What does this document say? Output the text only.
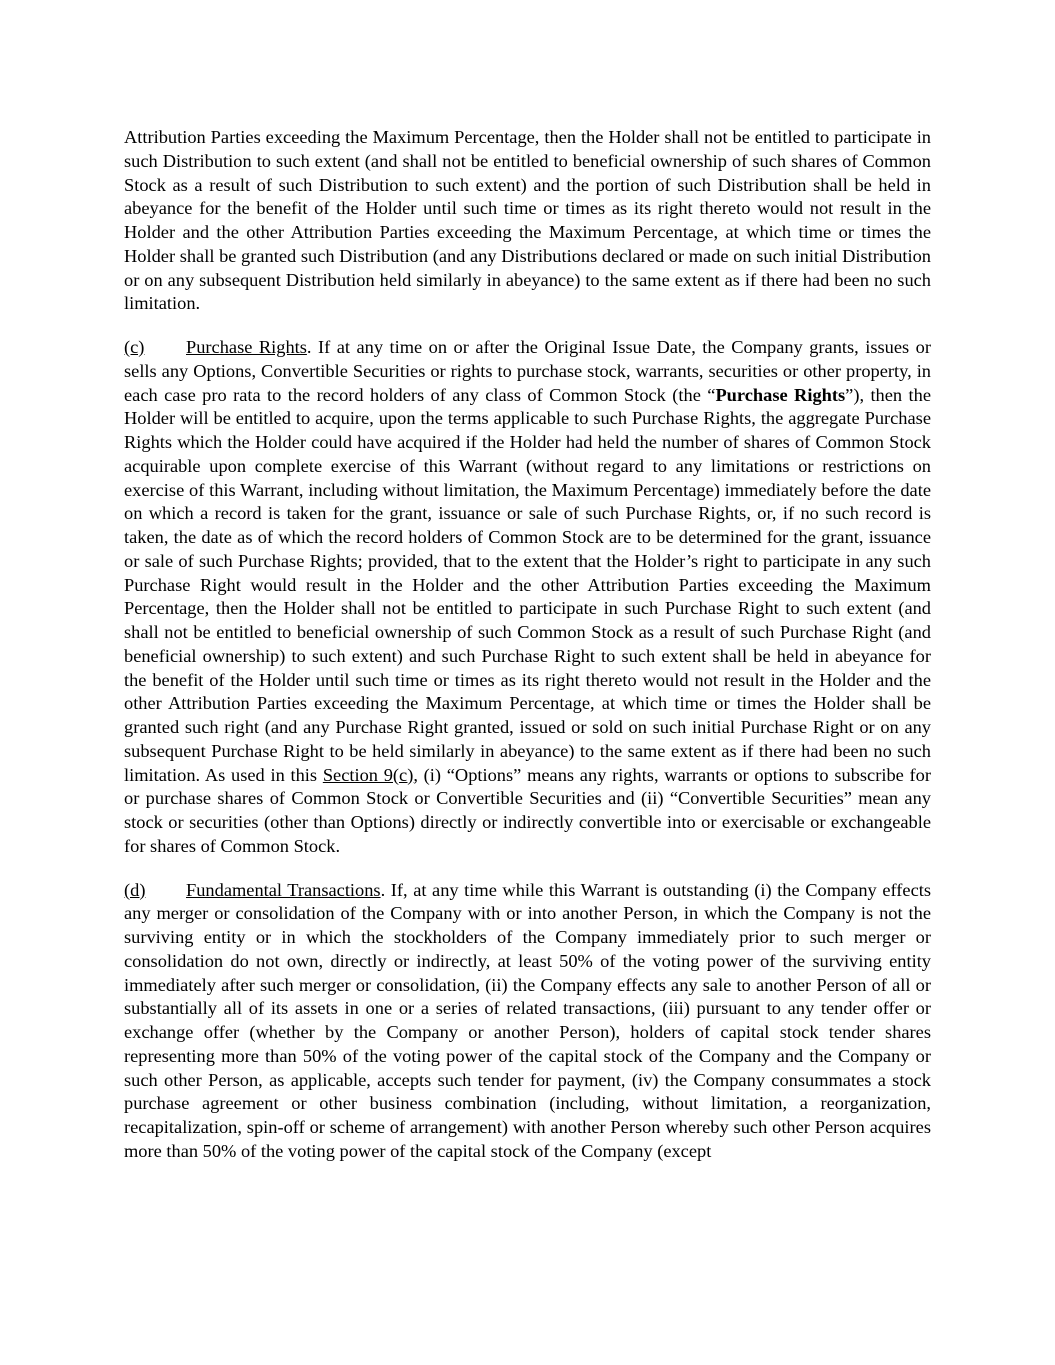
Attribution Parties exceeding the Maximum Percentage, then the Holder shall not be entitled to participate in such Distribution to such extent (and shall not be entitled to beneficial ownership of such shares of Common Stock as a result of such Distribution to such extent) and the portion of such Distribution shall be held in abeyance for the benefit of the Holder until such time or times as its right thereto would not result in the Holder and the other Attribution Parties exceeding the Maximum Percentage, at which time or times the Holder shall be granted such Distribution (and any Distributions declared or made on such initial Distribution or on any subsequent Distribution held similarly in abeyance) to the same extent as if there had been no such limitation.

(c) Purchase Rights. If at any time on or after the Original Issue Date, the Company grants, issues or sells any Options, Convertible Securities or rights to purchase stock, warrants, securities or other property, in each case pro rata to the record holders of any class of Common Stock (the “Purchase Rights”), then the Holder will be entitled to acquire, upon the terms applicable to such Purchase Rights, the aggregate Purchase Rights which the Holder could have acquired if the Holder had held the number of shares of Common Stock acquirable upon complete exercise of this Warrant (without regard to any limitations or restrictions on exercise of this Warrant, including without limitation, the Maximum Percentage) immediately before the date on which a record is taken for the grant, issuance or sale of such Purchase Rights, or, if no such record is taken, the date as of which the record holders of Common Stock are to be determined for the grant, issuance or sale of such Purchase Rights; provided, that to the extent that the Holder’s right to participate in any such Purchase Right would result in the Holder and the other Attribution Parties exceeding the Maximum Percentage, then the Holder shall not be entitled to participate in such Purchase Right to such extent (and shall not be entitled to beneficial ownership of such Common Stock as a result of such Purchase Right (and beneficial ownership) to such extent) and such Purchase Right to such extent shall be held in abeyance for the benefit of the Holder until such time or times as its right thereto would not result in the Holder and the other Attribution Parties exceeding the Maximum Percentage, at which time or times the Holder shall be granted such right (and any Purchase Right granted, issued or sold on such initial Purchase Right or on any subsequent Purchase Right to be held similarly in abeyance) to the same extent as if there had been no such limitation. As used in this Section 9(c), (i) “Options” means any rights, warrants or options to subscribe for or purchase shares of Common Stock or Convertible Securities and (ii) “Convertible Securities” mean any stock or securities (other than Options) directly or indirectly convertible into or exercisable or exchangeable for shares of Common Stock.

(d) Fundamental Transactions. If, at any time while this Warrant is outstanding (i) the Company effects any merger or consolidation of the Company with or into another Person, in which the Company is not the surviving entity or in which the stockholders of the Company immediately prior to such merger or consolidation do not own, directly or indirectly, at least 50% of the voting power of the surviving entity immediately after such merger or consolidation, (ii) the Company effects any sale to another Person of all or substantially all of its assets in one or a series of related transactions, (iii) pursuant to any tender offer or exchange offer (whether by the Company or another Person), holders of capital stock tender shares representing more than 50% of the voting power of the capital stock of the Company and the Company or such other Person, as applicable, accepts such tender for payment, (iv) the Company consummates a stock purchase agreement or other business combination (including, without limitation, a reorganization, recapitalization, spin-off or scheme of arrangement) with another Person whereby such other Person acquires more than 50% of the voting power of the capital stock of the Company (except
